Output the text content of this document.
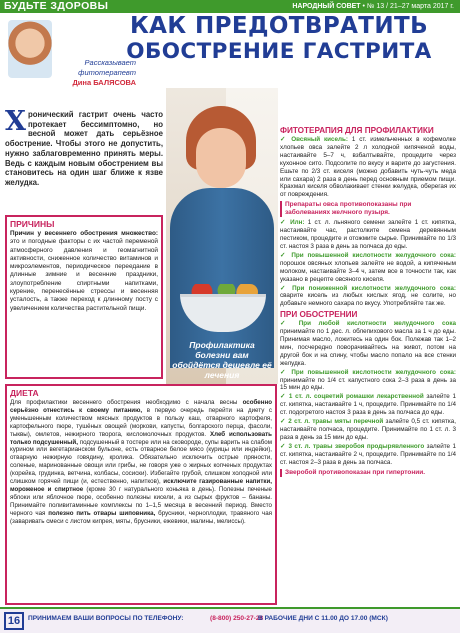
БУДЬТЕ ЗДОРОВЫ	НАРОДНЫЙ СОВЕТ • № 13 / 21–27 марта 2017 г.
Рассказывает
фитотерапевт
Дина БАЛЯСОВА
КАК ПРЕДОТВРАТИТЬ
ОБОСТРЕНИЕ ГАСТРИТА
Хронический гастрит очень часто протекает бессимптомно, но весной может дать серьёзное обострение. Чтобы этого не допустить, нужно заблаговременно принять меры. Ведь с каждым новым обострением вы становитесь на один шаг ближе к язве желудка.
ПРИЧИНЫ
Причин у весеннего обострения множество: это и погодные факторы с их частой переменой атмосферного давления и геомагнитной активности, сниженное количество витаминов и микроэлементов, периодическое переедание в длинные зимние и весенние праздники, злоупотребление спиртными напитками, курение, перенесённые стрессы и весенняя усталость, а также переход к длинному посту с увеличением количества растительной пищи.
Профилактика болезни вам обойдётся дешевле её лечения
ДИЕТА
Для профилактики весеннего обострения необходимо с начала весны особенно серьёзно отнестись к своему питанию, в первую очередь перейти на диету с уменьшенным количеством мясных продуктов в пользу каш, отварного картофеля, картофельного пюре, тушёных овощей (моркови, капусты, болгарского перца, фасоли, тыквы), омлетов, нежирного творога, кисломолочных продуктов. Хлеб использовать только подсушенный, подсушенный в тостере или на сковороде, супы варить на слабом курином или вегетарианском бульоне, есть отварное белое мясо (курицы или индейки), отварную нежирную говядину, кролика. Обязательно исключить острые пряности, соленые, маринованные овощи или грибы, не говоря уже о жирных копченых продуктах (корейка, грудинка, ветчина, колбасы, сосиски). Избегайте грубой, слишком холодной или слишком горячей пищи (и, естественно, напитков), исключите газированные напитки, мороженое и спиртное (кроме 30 г натурального коньяка в день). Полезны печеные яблоки или яблочное пюре, особенно полезны кисели, а из сырых фруктов – бананы. Принимайте поливитаминные комплексы по 1–1,5 месяца в весенний период. Вместо черного чая полезно пить отвары шиповника, брусники, черноплодки, травяного чая (заваривать смеси с листом кипрея, мяты, брусники, ежевики, малины, мелиссы).
ФИТОТЕРАПИЯ ДЛЯ ПРОФИЛАКТИКИ

✓ Овсяный кисель: 1 ст. измельченных в кофемолке хлопьев овса залейте 2 л холодной кипяченой воды, настаивайте 5–7 ч, взбалтывайте, процедите через кухонное сито. Подсолите по вкусу и варите до загустения. Ешьте по 2/3 ст. киселя (можно добавить чуть-чуть меда или сахара) 2 раза в день перед основным приемом пищи. Крахмал киселя обволакивает стенки желудка, оберегая их от повреждения.

Препараты овса противопоказаны при заболеваниях желчного пузыря.

✓ Илн: 1 ст. л. льняного семени залейте 1 ст. кипятка, настаивайте час, растолките семена деревянным пестиком, процедите и отожмите сырье. Принимайте по 1/3 ст. настоя 3 раза в день за полчаса до еды.

✓ При повышенной кислотности желудочного сока: порошок овсяных хлопьев залейте не водой, а кипяченым молоком, настаивайте 3–4 ч, затем все в точности так, как указано в рецепте овсяного киселя.

✓ При пониженной кислотности желудочного сока: сварите кисель из любых кислых ягод, не солите, но добавьте немного сахара по вкусу. Употребляйте так же.

ПРИ ОБОСТРЕНИИ

✓ При любой кислотности желудочного сока принимайте по 1 дес. л. облепихового масла за 1 ч до еды. Принимая масло, ложитесь на один бок. Полежав так 1–2 мин, посчередно поворачивайтесь на живот, потом на другой бок и на спину, чтобы масло попало на все стенки желудка.

✓ При повышенной кислотности желудочного сока: принимайте по 1/4 ст. капустного сока 2–3 раза в день за 15 мин до еды.

✓ 1 ст. л. соцветий ромашки лекарственной залейте 1 ст. кипятка, настаивайте 1 ч, процедите. Принимайте по 1/4 ст. подогретого настоя 3 раза в день за полчаса до еды.

✓ 2 ст. л. травы мяты перечной залейте 0,5 ст. кипятка, настаивайте полчаса, процедите. Принимайте по 1 ст. л. 3 раза в день за 15 мин до еды.

✓ 3 ст. л. травы зверобоя продырявленного залейте 1 ст. кипятка, настаивайте 2 ч, процедите. Принимайте по 1/4 ст. настоя 2–3 раза в день за полчаса.

Зверобой противопоказан при гипертонии.
16	ПРИНИМАЕМ ВАШИ ВОПРОСЫ ПО ТЕЛЕФОНУ:	(8-800) 250-27-28
В РАБОЧИЕ ДНИ С 11.00 ДО 17.00 (МСК)
